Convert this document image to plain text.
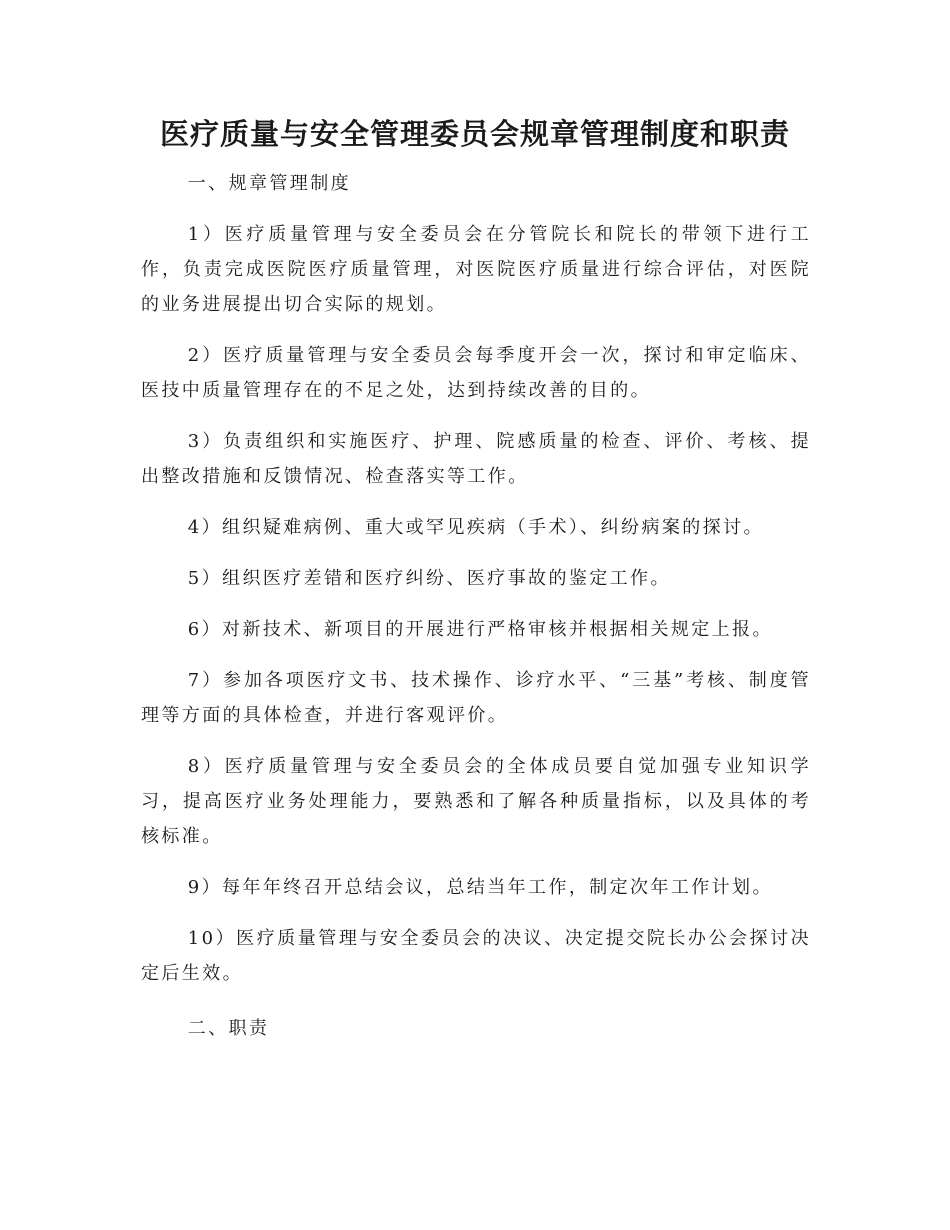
医疗质量与安全管理委员会规章管理制度和职责

一、规章管理制度

1）医疗质量管理与安全委员会在分管院长和院长的带领下进行工作，负责完成医院医疗质量管理，对医院医疗质量进行综合评估，对医院的业务进展提出切合实际的规划。

2）医疗质量管理与安全委员会每季度开会一次，探讨和审定临床、医技中质量管理存在的不足之处，达到持续改善的目的。

3）负责组织和实施医疗、护理、院感质量的检查、评价、考核、提出整改措施和反馈情况、检查落实等工作。

4）组织疑难病例、重大或罕见疾病（手术）、纠纷病案的探讨。

5）组织医疗差错和医疗纠纷、医疗事故的鉴定工作。

6）对新技术、新项目的开展进行严格审核并根据相关规定上报。

7）参加各项医疗文书、技术操作、诊疗水平、“三基”考核、制度管理等方面的具体检查，并进行客观评价。

8）医疗质量管理与安全委员会的全体成员要自觉加强专业知识学习，提高医疗业务处理能力，要熟悉和了解各种质量指标，以及具体的考核标准。

9）每年年终召开总结会议，总结当年工作，制定次年工作计划。

10）医疗质量管理与安全委员会的决议、决定提交院长办公会探讨决定后生效。

二、职责
